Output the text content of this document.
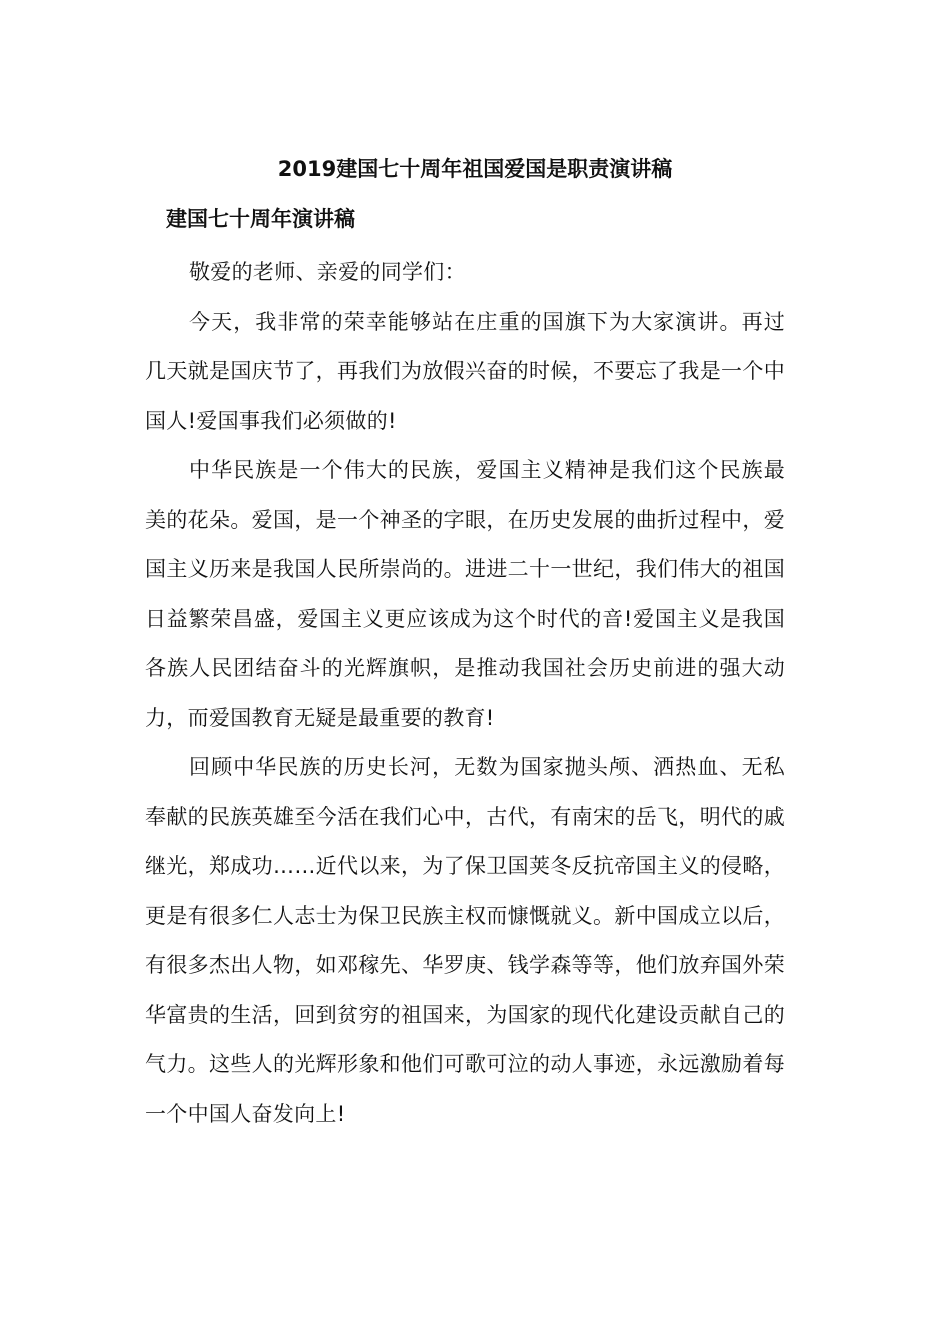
2019建国七十周年祖国爱国是职责演讲稿
建国七十周年演讲稿

敬爱的老师、亲爱的同学们：

今天，我非常的荣幸能够站在庄重的国旗下为大家演讲。再过几天就是国庆节了，再我们为放假兴奋的时候，不要忘了我是一个中国人!爱国事我们必须做的!

中华民族是一个伟大的民族，爱国主义精神是我们这个民族最美的花朵。爱国，是一个神圣的字眼，在历史发展的曲折过程中，爱国主义历来是我国人民所崇尚的。进进二十一世纪，我们伟大的祖国日益繁荣昌盛，爱国主义更应该成为这个时代的音!爱国主义是我国各族人民团结奋斗的光辉旗帜，是推动我国社会历史前进的强大动力，而爱国教育无疑是最重要的教育!

回顾中华民族的历史长河，无数为国家抛头颅、洒热血、无私奉献的民族英雄至今活在我们心中，古代，有南宋的岳飞，明代的戚继光，郑成功……近代以来，为了保卫国荚冬反抗帝国主义的侵略，更是有很多仁人志士为保卫民族主权而慷慨就义。新中国成立以后，有很多杰出人物，如邓稼先、华罗庚、钱学森等等，他们放弃国外荣华富贵的生活，回到贫穷的祖国来，为国家的现代化建设贡献自己的气力。这些人的光辉形象和他们可歌可泣的动人事迹，永远激励着每一个中国人奋发向上!
